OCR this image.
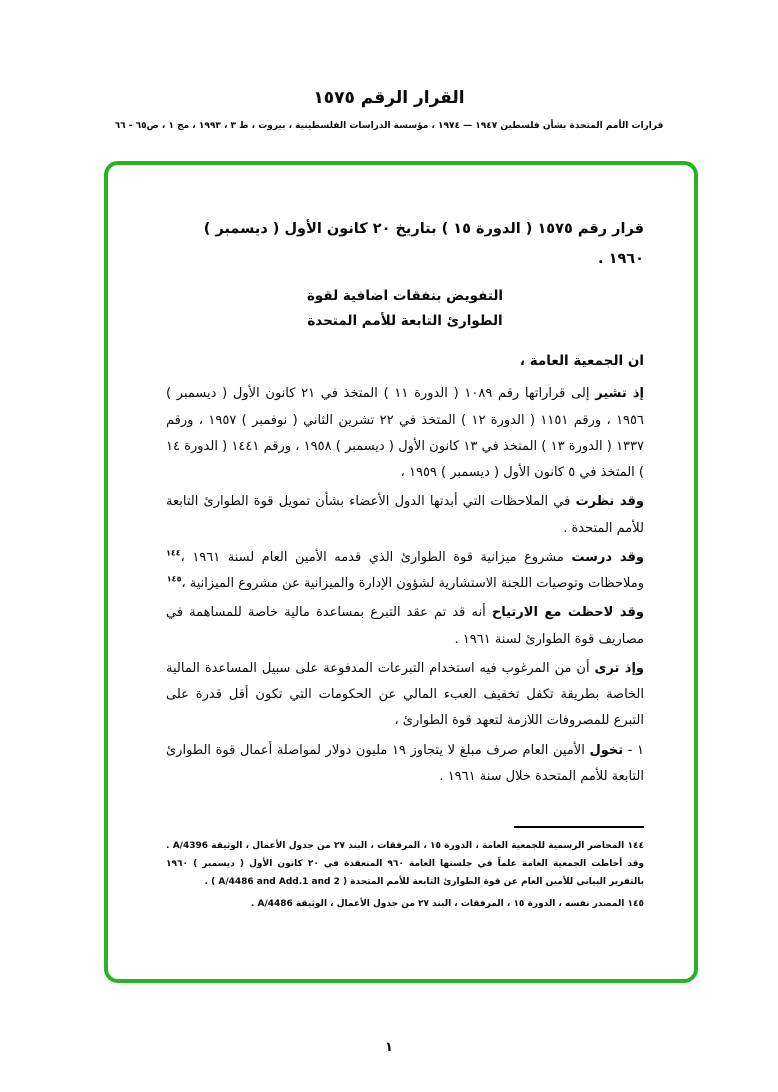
القرار الرقم ١٥٧٥
قرارات الأمم المتحدة بشأن فلسطين ١٩٤٧ — ١٩٧٤ ، مؤسسة الدراسات الفلسطينية ، بيروت ، ط ٣ ، ١٩٩٣ ، مج ١ ، ص٦٥ - ٦٦

قرار رقم ١٥٧٥ ( الدورة ١٥ ) بتاريخ ٢٠ كانون الأول ( ديسمبر )
١٩٦٠ .

التفويض بنفقات اضافية لقوة
الطوارئ التابعة للأمم المتحدة

ان الجمعية العامة ،

إذ تشير إلى قراراتها رقم ١٠٨٩ ( الدورة ١١ ) المتخذ في ٢١ كانون الأول ( ديسمبر ) ١٩٥٦ ، ورقم ١١٥١ ( الدورة ١٢ ) المتخذ في ٢٢ تشرين الثاني ( نوفمبر ) ١٩٥٧ ، ورقم ١٣٣٧ ( الدورة ١٣ ) المتخذ في ١٣ كانون الأول ( ديسمبر ) ١٩٥٨ ، ورقم ١٤٤١ ( الدورة ١٤ ) المتخذ في ٥ كانون الأول ( ديسمبر ) ١٩٥٩ ،

وقد نظرت في الملاحظات التي أبدتها الدول الأعضاء بشأن تمويل قوة الطوارئ التابعة للأمم المتحدة .

وقد درست مشروع ميزانية قوة الطوارئ الذي قدمه الأمين العام لسنة ١٩٦١ ،$^{١٤٤}$ وملاحظات وتوصيات اللجنة الاستشارية لشؤون الإدارة والميزانية عن مشروع الميزانية ،$^{١٤٥}$

وقد لاحظت مع الارتياح أنه قد تم عقد التبرع بمساعدة مالية خاصة للمساهمة في مصاريف قوة الطوارئ لسنة ١٩٦١ .

وإذ ترى أن من المرغوب فيه استخدام التبرعات المدفوعة على سبيل المساعدة المالية الخاصة بطريقة تكفل تخفيف العبء المالي عن الحكومات التي تكون أقل قدرة على التبرع للمصروفات اللازمة لتعهد قوة الطوارئ ،

١ - تخول الأمين العام صرف مبلغ لا يتجاوز ١٩ مليون دولار لمواصلة أعمال قوة الطوارئ التابعة للأمم المتحدة خلال سنة ١٩٦١ .

١٤٤ المحاضر الرسمية للجمعية العامة ، الدورة ١٥ ، المرفقات ، البند ٢٧ من جدول الأعمال ، الوثيقة A/4396 . وقد أحاطت الجمعية العامة علماً في جلستها العامة ٩٦٠ المنعقدة في ٢٠ كانون الأول ( ديسمبر ) ١٩٦٠ بالتقرير البياني للأمين العام عن قوة الطوارئ التابعة للأمم المتحدة ( A/4486 and Add.1 and 2 ) .

١٤٥ المصدر نفسه ، الدورة ١٥ ، المرفقات ، البند ٢٧ من جدول الأعمال ، الوثيقة A/4486 .

١
